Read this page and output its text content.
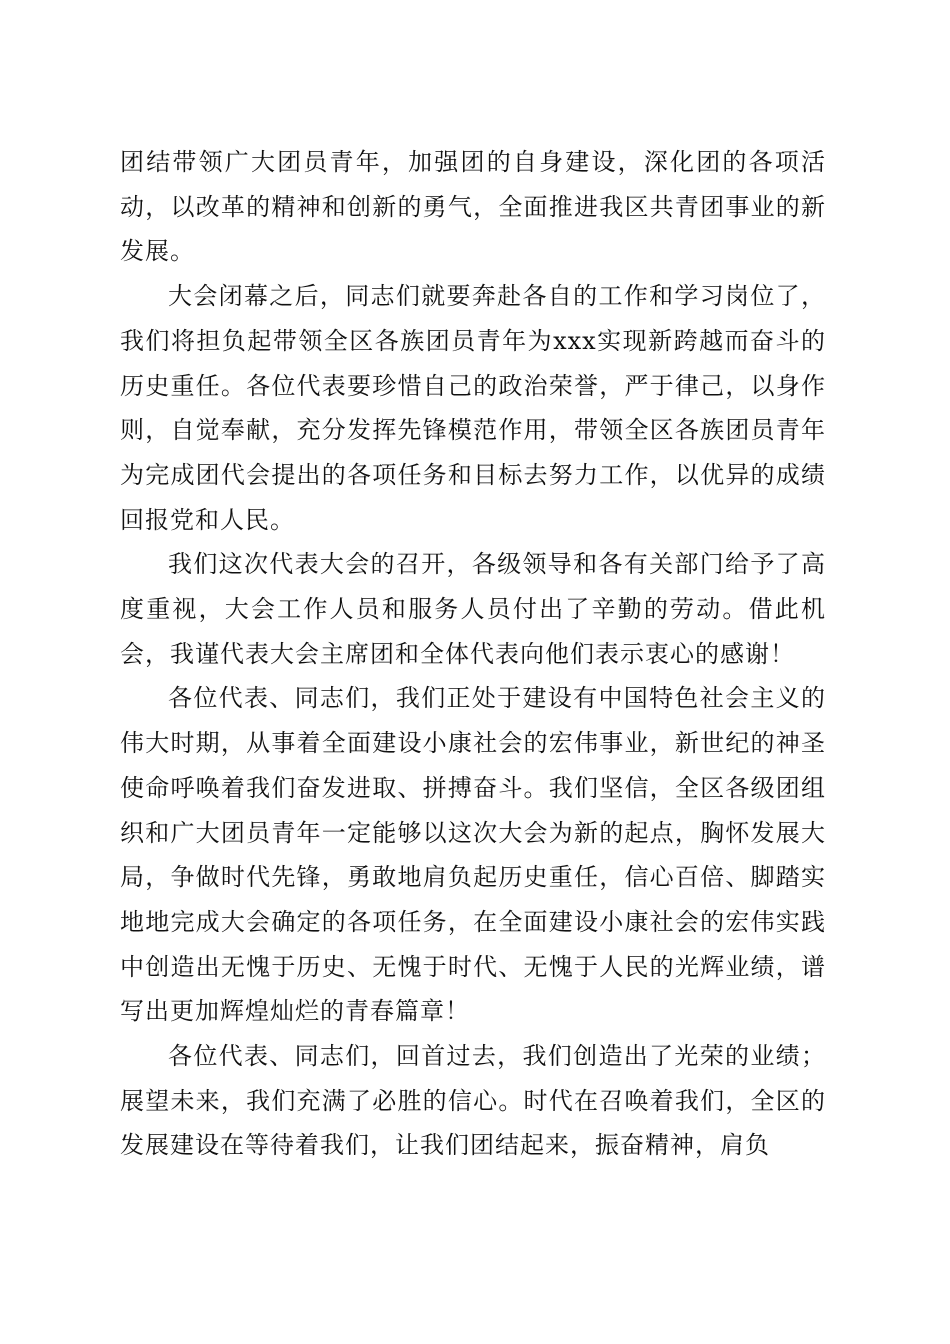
团结带领广大团员青年，加强团的自身建设，深化团的各项活动，以改革的精神和创新的勇气，全面推进我区共青团事业的新发展。

大会闭幕之后，同志们就要奔赴各自的工作和学习岗位了，我们将担负起带领全区各族团员青年为xxx实现新跨越而奋斗的历史重任。各位代表要珍惜自己的政治荣誉，严于律己，以身作则，自觉奉献，充分发挥先锋模范作用，带领全区各族团员青年为完成团代会提出的各项任务和目标去努力工作，以优异的成绩回报党和人民。

我们这次代表大会的召开，各级领导和各有关部门给予了高度重视，大会工作人员和服务人员付出了辛勤的劳动。借此机会，我谨代表大会主席团和全体代表向他们表示衷心的感谢！

各位代表、同志们，我们正处于建设有中国特色社会主义的伟大时期，从事着全面建设小康社会的宏伟事业，新世纪的神圣使命呼唤着我们奋发进取、拼搏奋斗。我们坚信，全区各级团组织和广大团员青年一定能够以这次大会为新的起点，胸怀发展大局，争做时代先锋，勇敢地肩负起历史重任，信心百倍、脚踏实地地完成大会确定的各项任务，在全面建设小康社会的宏伟实践中创造出无愧于历史、无愧于时代、无愧于人民的光辉业绩，谱写出更加辉煌灿烂的青春篇章！

各位代表、同志们，回首过去，我们创造出了光荣的业绩；展望未来，我们充满了必胜的信心。时代在召唤着我们，全区的发展建设在等待着我们，让我们团结起来，振奋精神，肩负
